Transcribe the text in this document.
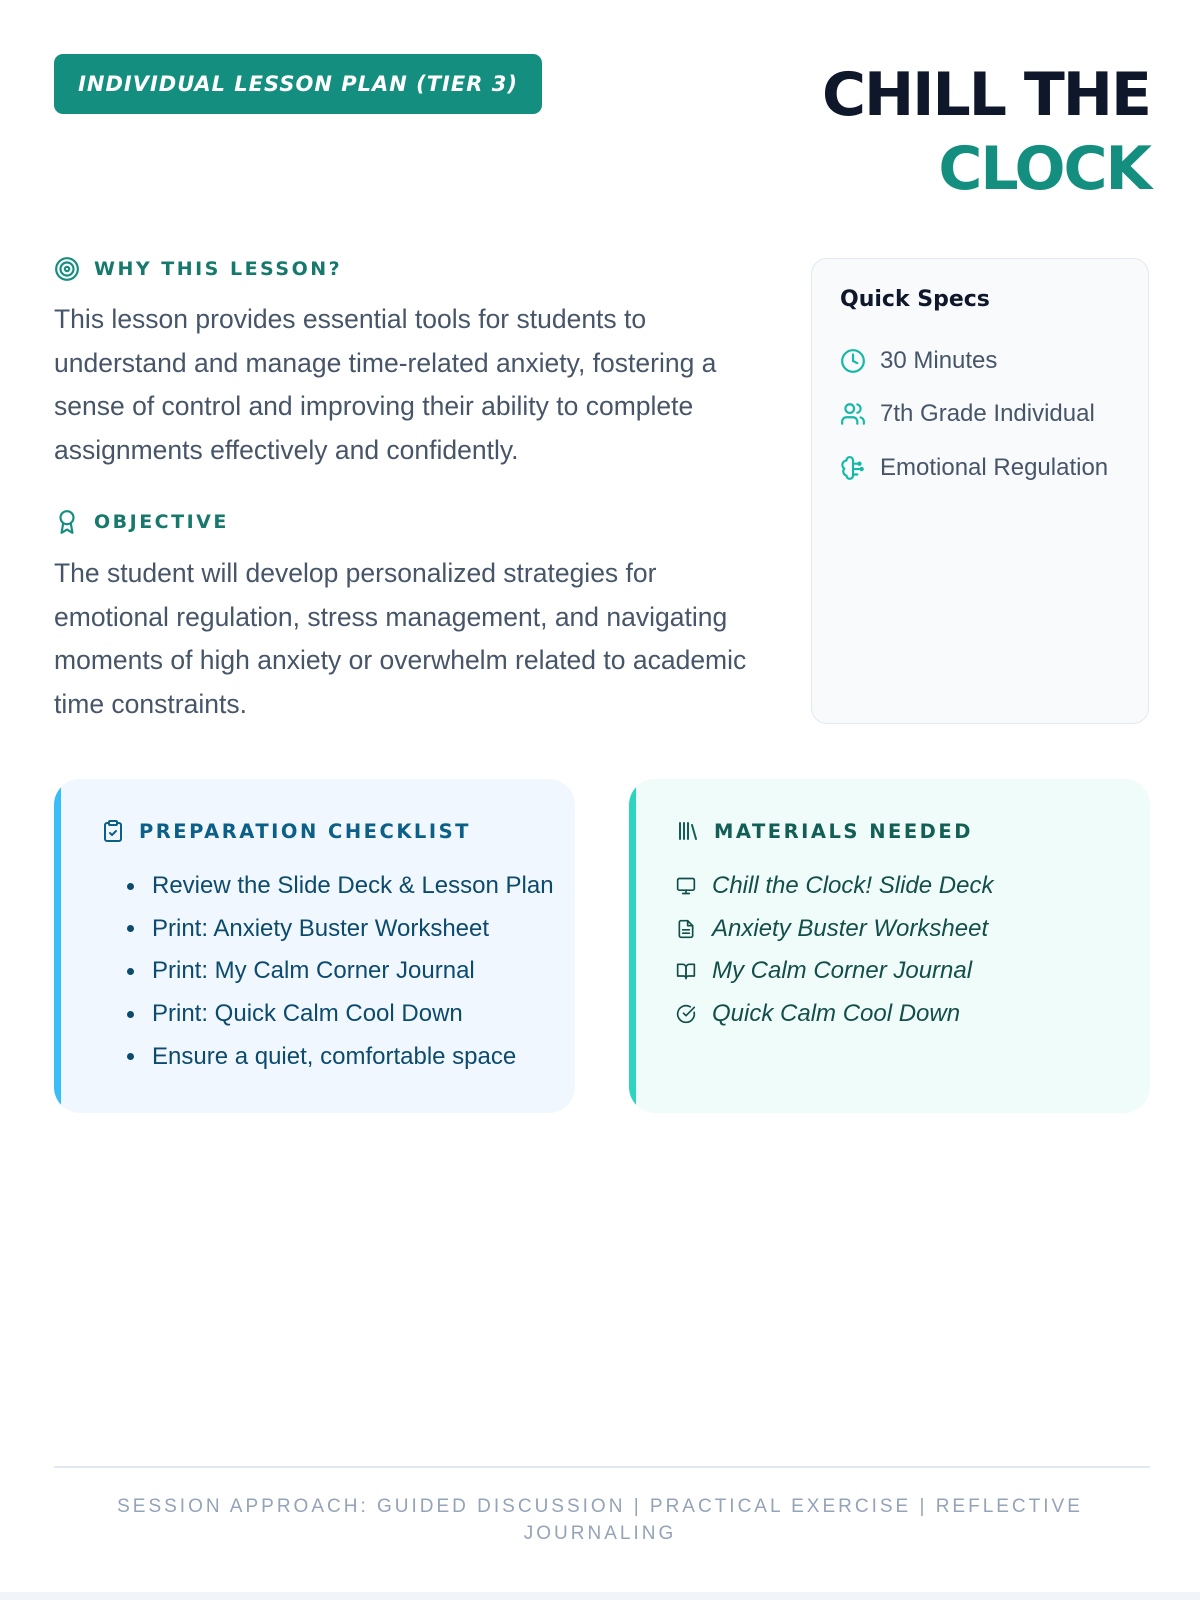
INDIVIDUAL LESSON PLAN (TIER 3)	CHILL THE
CLOCK
WHY THIS LESSON?

This lesson provides essential tools for students to understand and manage time-related anxiety, fostering a sense of control and improving their ability to complete assignments effectively and confidently.

OBJECTIVE

The student will develop personalized strategies for emotional regulation, stress management, and navigating moments of high anxiety or overwhelm related to academic time constraints.

Quick Specs
30 Minutes
7th Grade Individual
Emotional Regulation
PREPARATION CHECKLIST
Review the Slide Deck & Lesson Plan
Print: Anxiety Buster Worksheet
Print: My Calm Corner Journal
Print: Quick Calm Cool Down
Ensure a quiet, comfortable space
MATERIALS NEEDED
Chill the Clock! Slide Deck
Anxiety Buster Worksheet
My Calm Corner Journal
Quick Calm Cool Down
SESSION APPROACH: GUIDED DISCUSSION | PRACTICAL EXERCISE | REFLECTIVE JOURNALING
